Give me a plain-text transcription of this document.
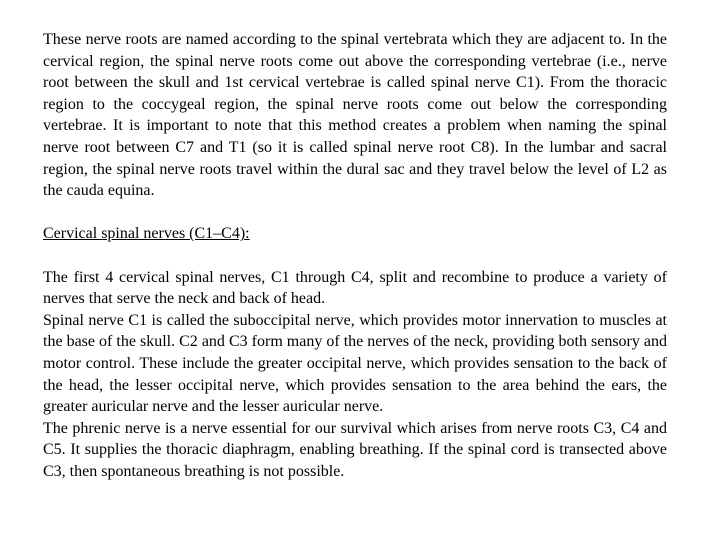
These nerve roots are named according to the spinal vertebrata which they are adjacent to. In the cervical region, the spinal nerve roots come out above the corresponding vertebrae (i.e., nerve root between the skull and 1st cervical vertebrae is called spinal nerve C1). From the thoracic region to the coccygeal region, the spinal nerve roots come out below the corresponding vertebrae. It is important to note that this method creates a problem when naming the spinal nerve root between C7 and T1 (so it is called spinal nerve root C8). In the lumbar and sacral region, the spinal nerve roots travel within the dural sac and they travel below the level of L2 as the cauda equina.

Cervical spinal nerves (C1–C4):

The first 4 cervical spinal nerves, C1 through C4, split and recombine to produce a variety of nerves that serve the neck and back of head.

Spinal nerve C1 is called the suboccipital nerve, which provides motor innervation to muscles at the base of the skull. C2 and C3 form many of the nerves of the neck, providing both sensory and motor control. These include the greater occipital nerve, which provides sensation to the back of the head, the lesser occipital nerve, which provides sensation to the area behind the ears, the greater auricular nerve and the lesser auricular nerve.

The phrenic nerve is a nerve essential for our survival which arises from nerve roots C3, C4 and C5. It supplies the thoracic diaphragm, enabling breathing. If the spinal cord is transected above C3, then spontaneous breathing is not possible.
